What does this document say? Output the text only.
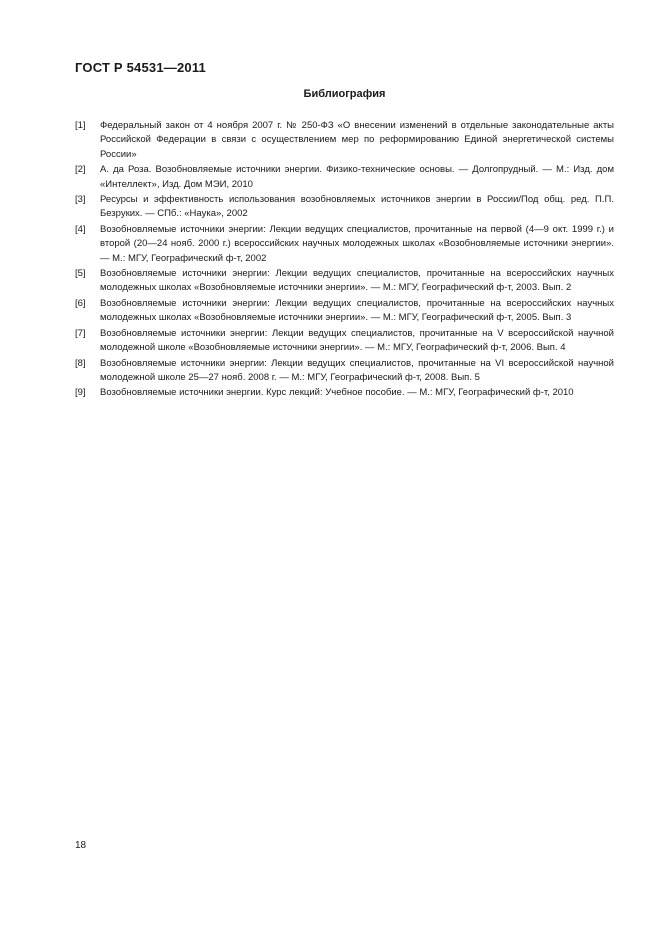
ГОСТ Р 54531—2011
Библиография
[1]	Федеральный закон от 4 ноября 2007 г. № 250-ФЗ «О внесении изменений в отдельные законодательные акты Российской Федерации в связи с осуществлением мер по реформированию Единой энергетической системы России»
[2]	А. да Роза. Возобновляемые источники энергии. Физико-технические основы. — Долгопрудный. — М.: Изд. дом «Интеллект», Изд. Дом МЭИ, 2010
[3]	Ресурсы и эффективность использования возобновляемых источников энергии в России/Под общ. ред. П.П. Безруких. — СПб.: «Наука», 2002
[4]	Возобновляемые источники энергии: Лекции ведущих специалистов, прочитанные на первой (4—9 окт. 1999 г.) и второй (20—24 нояб. 2000 г.) всероссийских научных молодежных школах «Возобновляемые источники энергии». — М.: МГУ, Географический ф-т, 2002
[5]	Возобновляемые источники энергии: Лекции ведущих специалистов, прочитанные на всероссийских научных молодежных школах «Возобновляемые источники энергии». — М.: МГУ, Географический ф-т, 2003. Вып. 2
[6]	Возобновляемые источники энергии: Лекции ведущих специалистов, прочитанные на всероссийских научных молодежных школах «Возобновляемые источники энергии». — М.: МГУ, Географический ф-т, 2005. Вып. 3
[7]	Возобновляемые источники энергии: Лекции ведущих специалистов, прочитанные на V всероссийской научной молодежной школе «Возобновляемые источники энергии». — М.: МГУ, Географический ф-т, 2006. Вып. 4
[8]	Возобновляемые источники энергии: Лекции ведущих специалистов, прочитанные на VI всероссийской научной молодежной школе 25—27 нояб. 2008 г. — М.: МГУ, Географический ф-т, 2008. Вып. 5
[9]	Возобновляемые источники энергии. Курс лекций: Учебное пособие. — М.: МГУ, Географический ф-т, 2010
18
